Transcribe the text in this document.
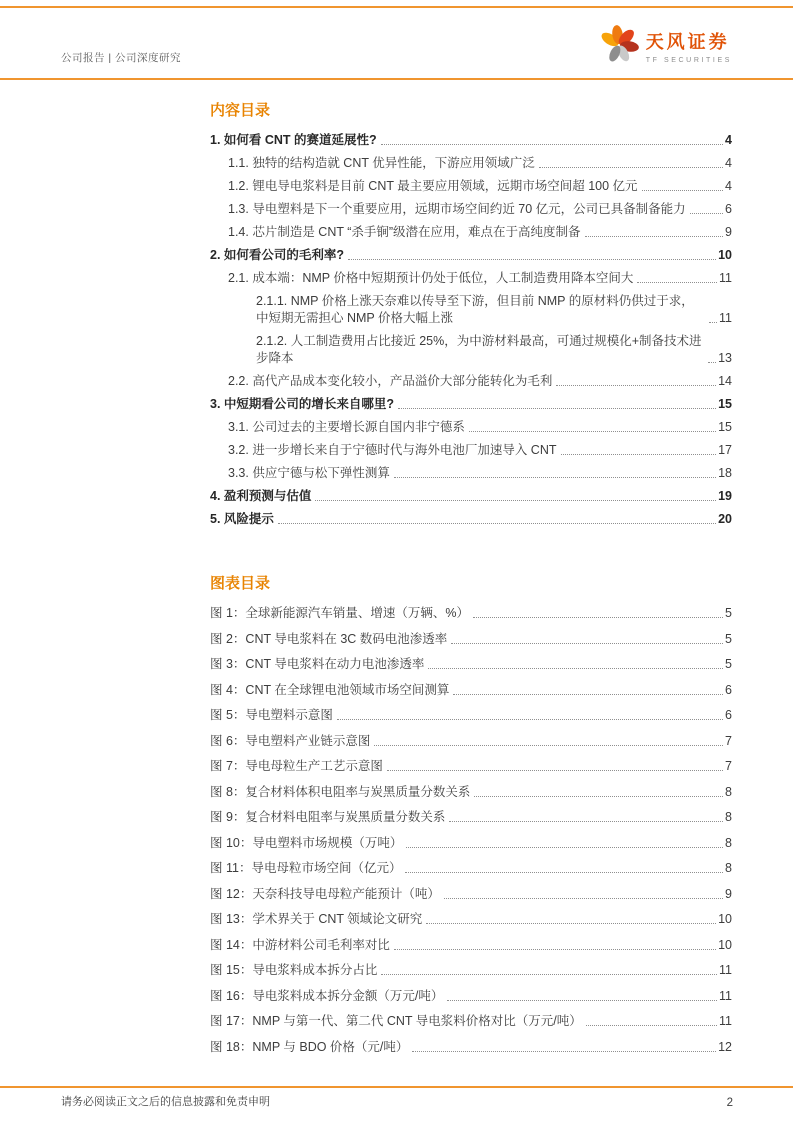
公司报告 | 公司深度研究
天风证券
TF SECURITIES
内容目录
1. 如何看 CNT 的赛道延展性?	4
1.1. 独特的结构造就 CNT 优异性能，下游应用领域广泛	4
1.2. 锂电导电浆料是目前 CNT 最主要应用领域，远期市场空间超 100 亿元	4
1.3. 导电塑料是下一个重要应用，远期市场空间约近 70 亿元，公司已具备制备能力	6
1.4. 芯片制造是 CNT “杀手锏”级潜在应用，难点在于高纯度制备	9
2. 如何看公司的毛利率?	10
2.1. 成本端：NMP 价格中短期预计仍处于低位，人工制造费用降本空间大	11
2.1.1. NMP 价格上涨天奈难以传导至下游，但目前 NMP 的原材料仍供过于求，中短期无需担心 NMP 价格大幅上涨	11
2.1.2. 人工制造费用占比接近 25%，为中游材料最高，可通过规模化+制备技术进步降本	13
2.2. 高代产品成本变化较小，产品溢价大部分能转化为毛利	14
3. 中短期看公司的增长来自哪里?	15
3.1. 公司过去的主要增长源自国内非宁德系	15
3.2. 进一步增长来自于宁德时代与海外电池厂加速导入 CNT	17
3.3. 供应宁德与松下弹性测算	18
4. 盈利预测与估值	19
5. 风险提示	20
图表目录
图 1：全球新能源汽车销量、增速（万辆、%）	5
图 2：CNT 导电浆料在 3C 数码电池渗透率	5
图 3：CNT 导电浆料在动力电池渗透率	5
图 4：CNT 在全球锂电池领域市场空间测算	6
图 5：导电塑料示意图	6
图 6：导电塑料产业链示意图	7
图 7：导电母粒生产工艺示意图	7
图 8：复合材料体积电阻率与炭黑质量分数关系	8
图 9：复合材料电阻率与炭黑质量分数关系	8
图 10：导电塑料市场规模（万吨）	8
图 11：导电母粒市场空间（亿元）	8
图 12：天奈科技导电母粒产能预计（吨）	9
图 13：学术界关于 CNT 领域论文研究	10
图 14：中游材料公司毛利率对比	10
图 15：导电浆料成本拆分占比	11
图 16：导电浆料成本拆分金额（万元/吨）	11
图 17：NMP 与第一代、第二代 CNT 导电浆料价格对比（万元/吨）	11
图 18：NMP 与 BDO 价格（元/吨）	12
请务必阅读正文之后的信息披露和免责申明	2
